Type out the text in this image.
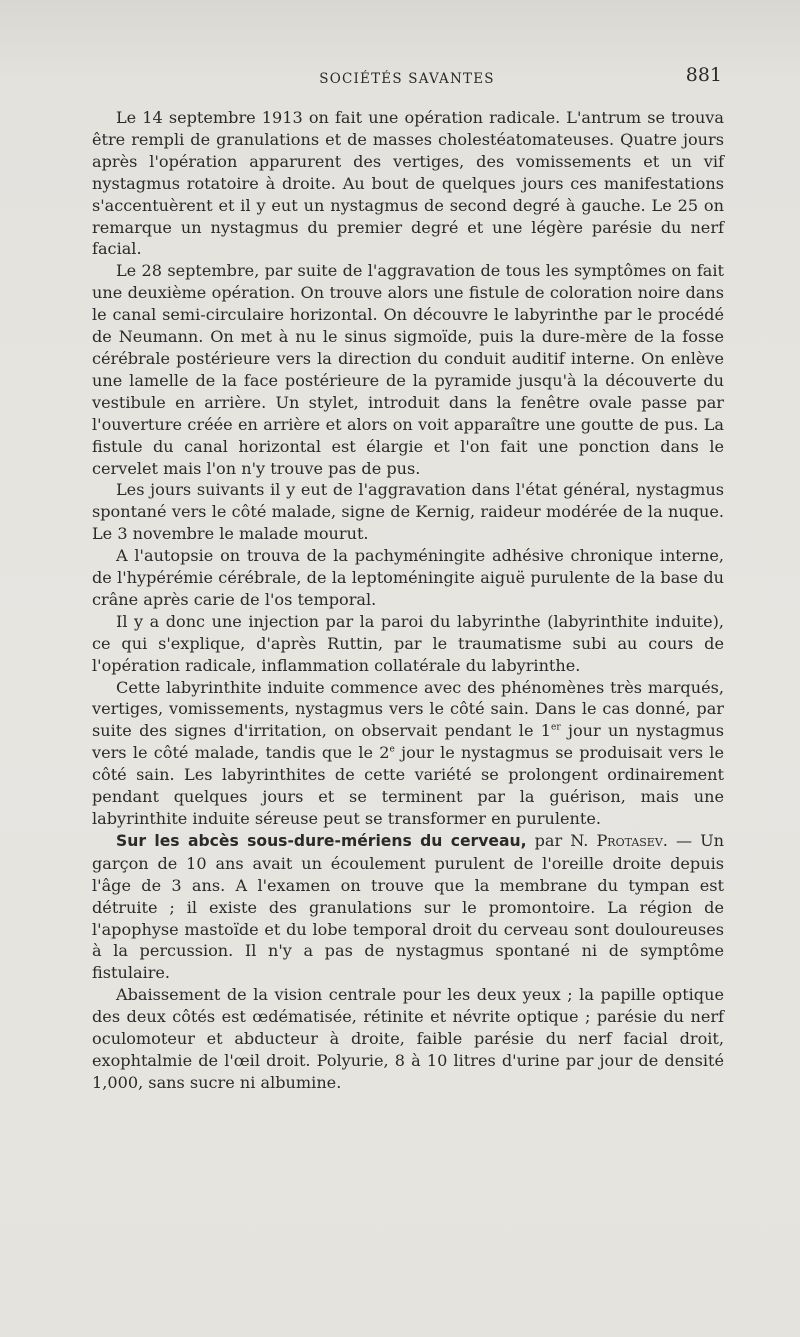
SOCIÉTÉS SAVANTES	881

Le 14 septembre 1913 on fait une opération radicale. L'antrum se trouva être rempli de granulations et de masses cholestéatomateuses. Quatre jours après l'opération apparurent des vertiges, des vomissements et un vif nystagmus rotatoire à droite. Au bout de quelques jours ces manifestations s'accentuèrent et il y eut un nystagmus de second degré à gauche. Le 25 on remarque un nystagmus du premier degré et une légère parésie du nerf facial.

Le 28 septembre, par suite de l'aggravation de tous les symptômes on fait une deuxième opération. On trouve alors une fistule de coloration noire dans le canal semi-circulaire horizontal. On découvre le labyrinthe par le procédé de Neumann. On met à nu le sinus sigmoïde, puis la dure-mère de la fosse cérébrale postérieure vers la direction du conduit auditif interne. On enlève une lamelle de la face postérieure de la pyramide jusqu'à la découverte du vestibule en arrière. Un stylet, introduit dans la fenêtre ovale passe par l'ouverture créée en arrière et alors on voit apparaître une goutte de pus. La fistule du canal horizontal est élargie et l'on fait une ponction dans le cervelet mais l'on n'y trouve pas de pus.

Les jours suivants il y eut de l'aggravation dans l'état général, nystagmus spontané vers le côté malade, signe de Kernig, raideur modérée de la nuque. Le 3 novembre le malade mourut.

A l'autopsie on trouva de la pachyméningite adhésive chronique interne, de l'hypérémie cérébrale, de la leptoméningite aiguë purulente de la base du crâne après carie de l'os temporal.

Il y a donc une injection par la paroi du labyrinthe (labyrinthite induite), ce qui s'explique, d'après Ruttin, par le traumatisme subi au cours de l'opération radicale, inflammation collatérale du labyrinthe.

Cette labyrinthite induite commence avec des phénomènes très marqués, vertiges, vomissements, nystagmus vers le côté sain. Dans le cas donné, par suite des signes d'irritation, on observait pendant le 1er jour un nystagmus vers le côté malade, tandis que le 2e jour le nystagmus se produisait vers le côté sain. Les labyrinthites de cette variété se prolongent ordinairement pendant quelques jours et se terminent par la guérison, mais une labyrinthite induite séreuse peut se transformer en purulente.

Sur les abcès sous-dure-mériens du cerveau, par N. Protasev. — Un garçon de 10 ans avait un écoulement purulent de l'oreille droite depuis l'âge de 3 ans. A l'examen on trouve que la membrane du tympan est détruite ; il existe des granulations sur le promontoire. La région de l'apophyse mastoïde et du lobe temporal droit du cerveau sont douloureuses à la percussion. Il n'y a pas de nystagmus spontané ni de symptôme fistulaire.

Abaissement de la vision centrale pour les deux yeux ; la papille optique des deux côtés est œdématisée, rétinite et névrite optique ; parésie du nerf oculomoteur et abducteur à droite, faible parésie du nerf facial droit, exophtalmie de l'œil droit. Polyurie, 8 à 10 litres d'urine par jour de densité 1,000, sans sucre ni albumine.
